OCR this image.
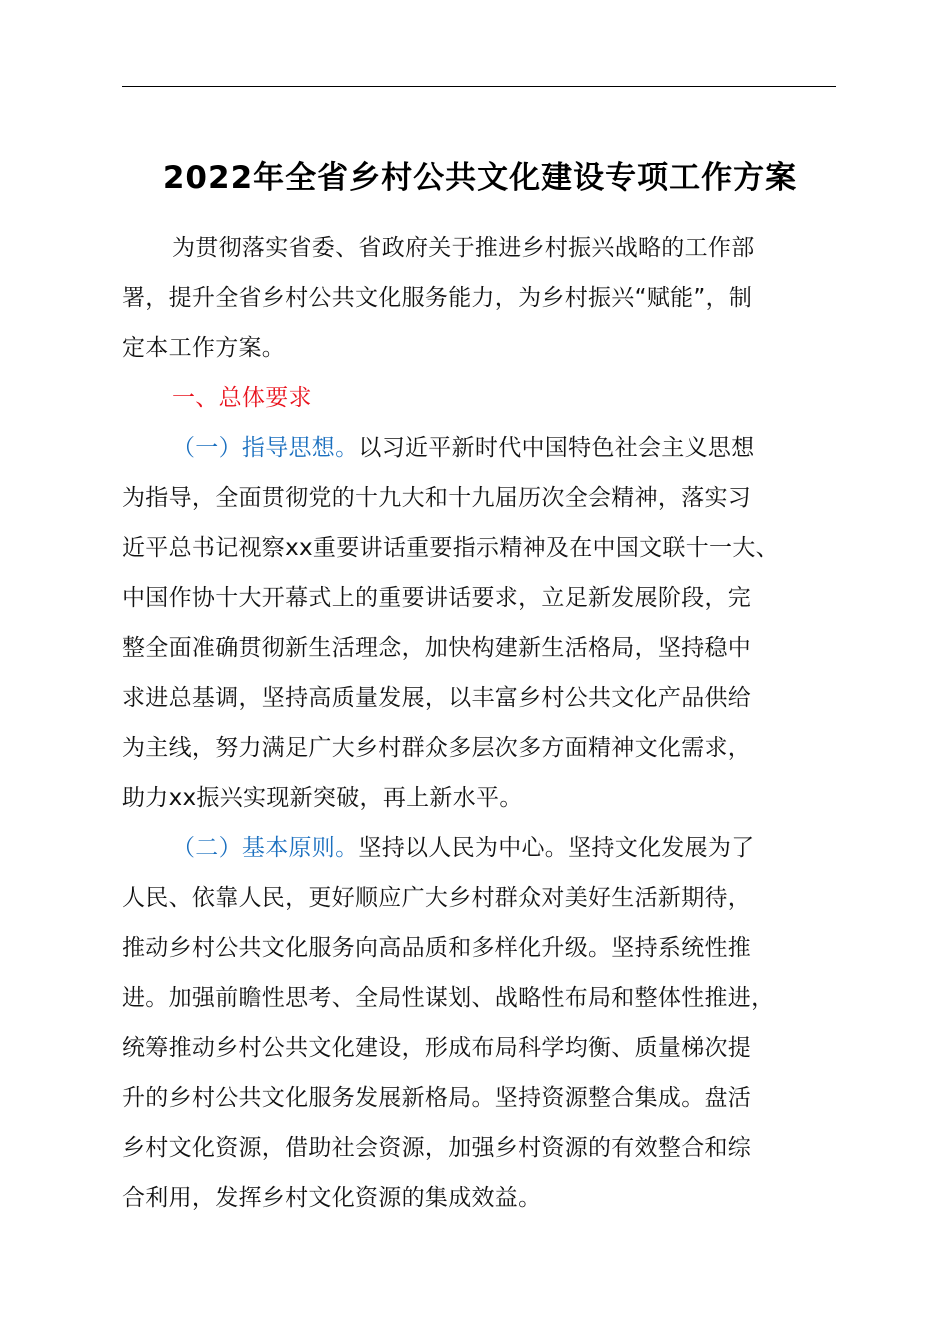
2022年全省乡村公共文化建设专项工作方案
为贯彻落实省委、省政府关于推进乡村振兴战略的工作部
署，提升全省乡村公共文化服务能力，为乡村振兴“赋能”，制
定本工作方案。
一、总体要求
（一）指导思想。以习近平新时代中国特色社会主义思想
为指导，全面贯彻党的十九大和十九届历次全会精神，落实习
近平总书记视察xx重要讲话重要指示精神及在中国文联十一大、
中国作协十大开幕式上的重要讲话要求，立足新发展阶段，完
整全面准确贯彻新生活理念，加快构建新生活格局，坚持稳中
求进总基调，坚持高质量发展，以丰富乡村公共文化产品供给
为主线，努力满足广大乡村群众多层次多方面精神文化需求，
助力xx振兴实现新突破，再上新水平。
（二）基本原则。坚持以人民为中心。坚持文化发展为了
人民、依靠人民，更好顺应广大乡村群众对美好生活新期待，
推动乡村公共文化服务向高品质和多样化升级。坚持系统性推
进。加强前瞻性思考、全局性谋划、战略性布局和整体性推进，
统筹推动乡村公共文化建设，形成布局科学均衡、质量梯次提
升的乡村公共文化服务发展新格局。坚持资源整合集成。盘活
乡村文化资源，借助社会资源，加强乡村资源的有效整合和综
合利用，发挥乡村文化资源的集成效益。
